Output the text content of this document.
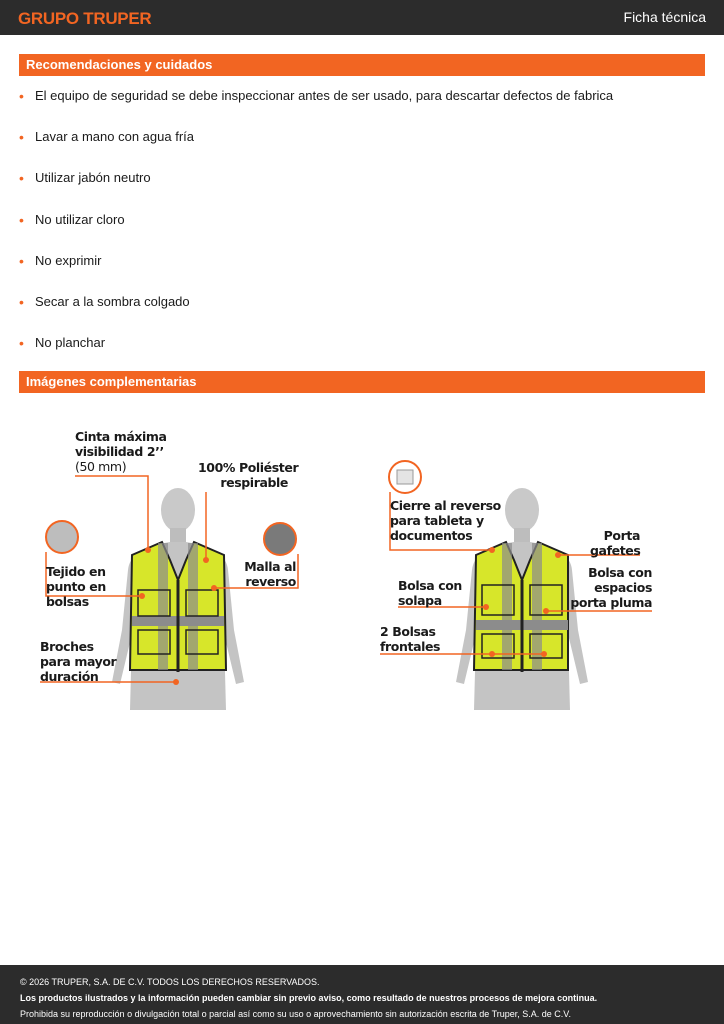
GRUPO TRUPER	Ficha técnica
Recomendaciones y cuidados
• El equipo de seguridad se debe inspeccionar antes de ser usado, para descartar defectos de fabrica
• Lavar a mano con agua fría
• Utilizar jabón neutro
• No utilizar cloro
• No exprimir
• Secar a la sombra colgado
• No planchar
Imágenes complementarias
Cinta máxima
visibilidad 2’’
(50 mm)	100% Poliéster
respirable
Tejido en
punto en
bolsas
Malla al
reverso
Broches
para mayor
duración
Cierre al reverso
para tableta y
documentos	Porta
gafetes
Bolsa con
solapa
Bolsa con
espacios
porta pluma
2 Bolsas
frontales
© 2026 TRUPER, S.A. DE C.V. TODOS LOS DERECHOS RESERVADOS.
Los productos ilustrados y la información pueden cambiar sin previo aviso, como resultado de nuestros procesos de mejora continua.
Prohibida su reproducción o divulgación total o parcial así como su uso o aprovechamiento sin autorización escrita de Truper, S.A. de C.V.
